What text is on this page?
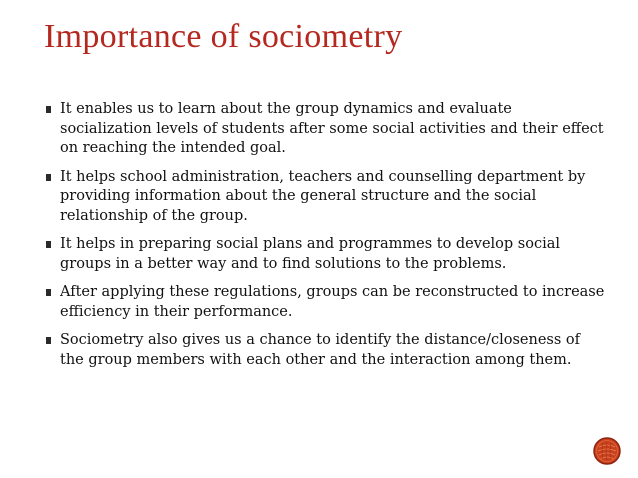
Importance of sociometry
It enables us to learn about the group dynamics and evaluate socialization levels of students after some social activities and their effect on reaching the intended goal.
It helps school administration, teachers and counselling department by providing information about the general structure and the social relationship of the group.
It helps in preparing social plans and programmes to develop social groups in a better way and to find solutions to the problems.
After applying these regulations, groups can be reconstructed to increase efficiency in their performance.
Sociometry also gives us a chance to identify the distance/closeness of the group members with each other and the interaction among them.
